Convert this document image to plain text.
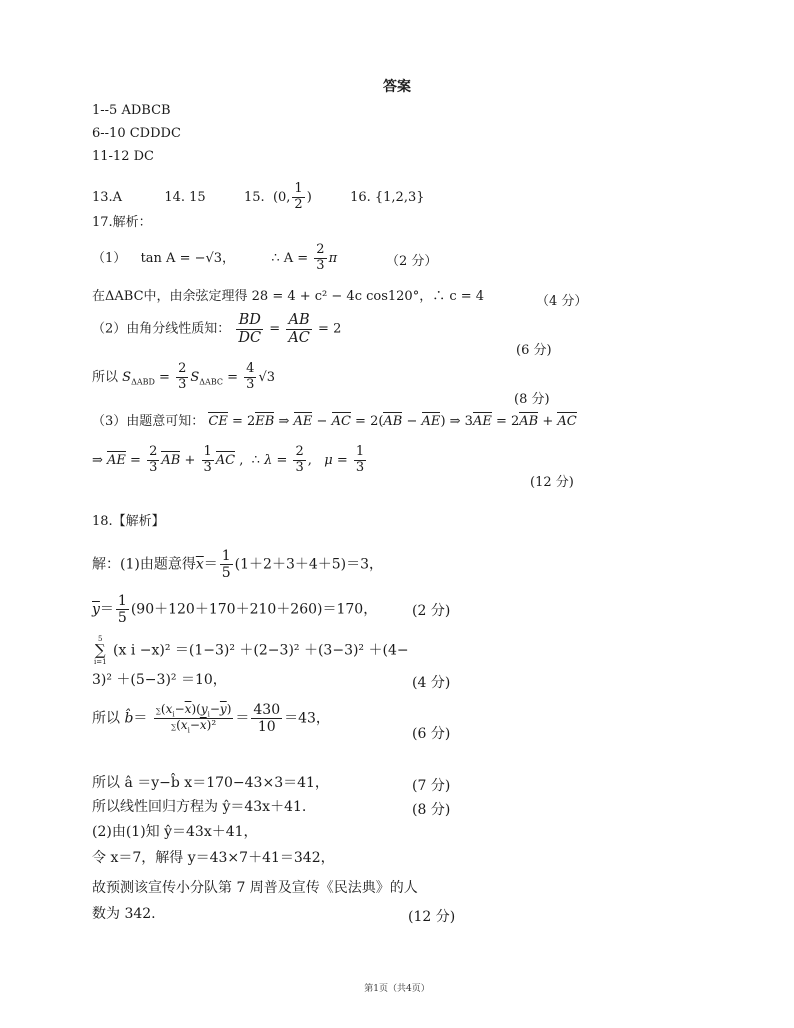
答案
1--5 ADBCB
6--10 CDDDC
11-12 DC
13.A	14. 15	15.  (0, $\frac{1}{2}$ )	16. {1,2,3}
17.解析：
（1） tan A = −√3，	∴ $A = \frac{2}{3}$ π	（2 分）
在ΔABC中，由余弦定理得 28 = 4 + c² − 4c cos120°，∴ c = 4	（4 分）
（2）由角分线性质知： $\frac{BD}{DC} = \frac{AB}{AC} = 2$
(6 分)
所以 $S_{\Delta ABD} = \frac{2}{3} S_{\Delta ABC} = \frac{4}{3} √3$
(8 分)
（3）由题意可知： CE = 2EB ⇒ AE − AC = 2(AB − AE) ⇒ 3AE = 2AB + AC
⇒ AE = $\frac{2}{3}$ AB + $\frac{1}{3}$ AC ,  ∴ $\lambda = \frac{2}{3}$ ,   $\mu = \frac{1}{3}$
(12 分)
18.【解析】
解：(1)由题意得$\overline{x}= \frac{1}{5} (1+2+3+4+5)=3$，
$\overline{y}= \frac{1}{5} (90+120+170+210+260)=170$， (2 分)
5
∑
i=1
(x i −x)² ＝(1−3)² ＋(2−3)² ＋(3−3)² ＋(4−
3)² ＋(5−3)² ＝10，	(4 分)
所以 b̂＝ $\frac{\sum(x_i-\overline{x})(y_i-\overline{y})}{\sum(x_i-\overline{x})^2} = \frac{430}{10} =43$，
(6 分)
所以 â ＝y−b̂ x＝170−43×3＝41，	(7 分)
所以线性回归方程为 ŷ＝43x＋41.	(8 分)
(2)由(1)知 ŷ＝43x＋41，
令 x＝7，解得 y＝43×7＋41＝342，
故预测该宣传小分队第 7 周普及宣传《民法典》的人
数为 342.	(12 分)
第1页（共4页）
